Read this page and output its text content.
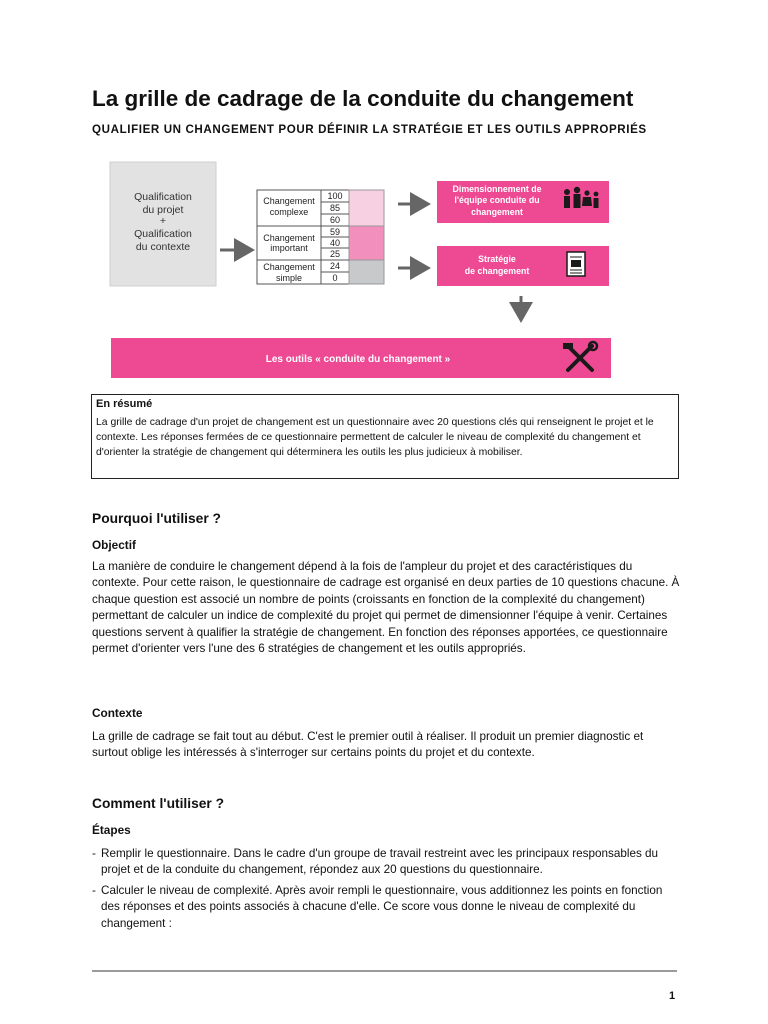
La grille de cadrage de la conduite du changement
QUALIFIER UN CHANGEMENT POUR DÉFINIR LA STRATÉGIE ET LES OUTILS APPROPRIÉS
Qualification
du projet
+
Qualification
du contexte
Changement
complexe
Changement
important
Changement
simple
100
85
60
59
40
25
24
0
Dimensionnement de
l'équipe conduite du
changement
Stratégie
de changement
Les outils « conduite du changement »
En résumé
La grille de cadrage d'un projet de changement est un questionnaire avec 20 questions clés qui renseignent le projet et le contexte. Les réponses fermées de ce questionnaire permettent de calculer le niveau de complexité du changement et d'orienter la stratégie de changement qui déterminera les outils les plus judicieux à mobiliser.
Pourquoi l'utiliser ?
Objectif
La manière de conduire le changement dépend à la fois de l'ampleur du projet et des caractéristiques du contexte. Pour cette raison, le questionnaire de cadrage est organisé en deux parties de 10 questions chacune. À chaque question est associé un nombre de points (croissants en fonction de la complexité du changement) permettant de calculer un indice de complexité du projet qui permet de dimensionner l'équipe à venir. Certaines questions servent à qualifier la stratégie de changement. En fonction des réponses apportées, ce questionnaire permet d'orienter vers l'une des 6 stratégies de changement et les outils appropriés.
Contexte
La grille de cadrage se fait tout au début. C'est le premier outil à réaliser. Il produit un premier diagnostic et surtout oblige les intéressés à s'interroger sur certains points du projet et du contexte.
Comment l'utiliser ?
Étapes
- Remplir le questionnaire. Dans le cadre d'un groupe de travail restreint avec les principaux responsables du projet et de la conduite du changement, répondez aux 20 questions du questionnaire.
- Calculer le niveau de complexité. Après avoir rempli le questionnaire, vous additionnez les points en fonction des réponses et des points associés à chacune d'elle. Ce score vous donne le niveau de complexité du changement :
1
